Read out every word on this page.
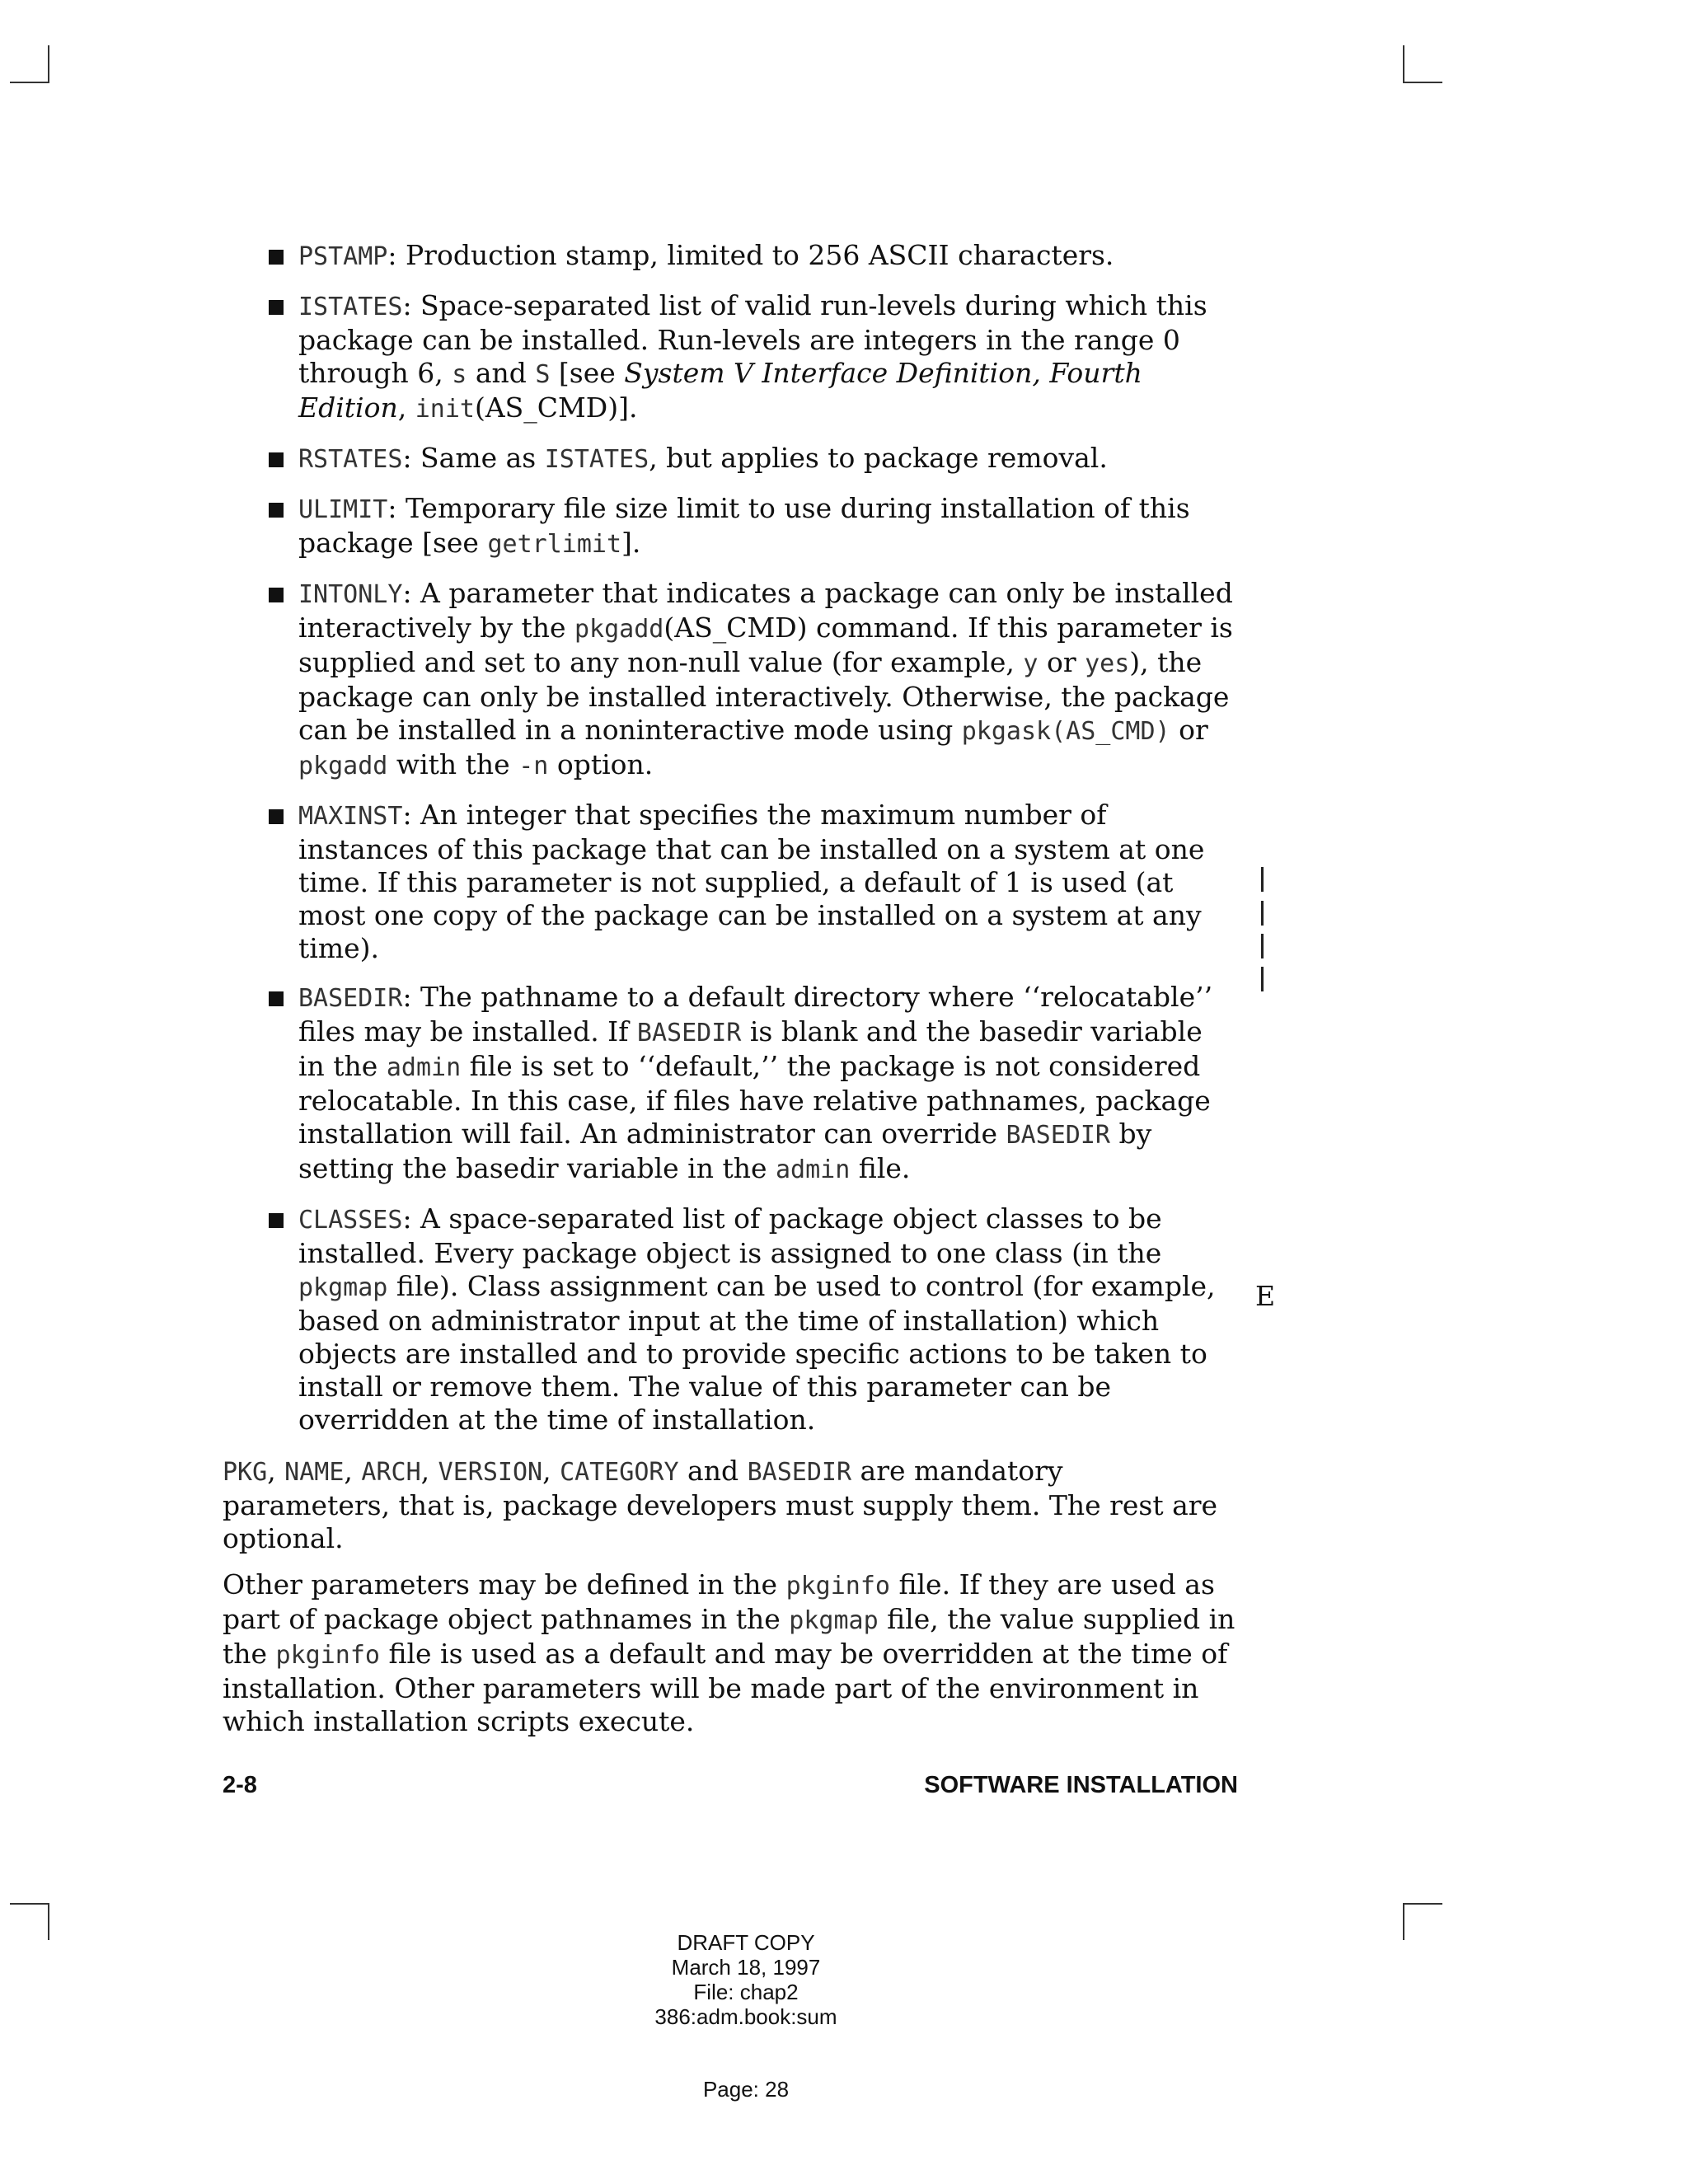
E
PSTAMP: Production stamp, limited to 256 ASCII characters.
ISTATES: Space-separated list of valid run-levels during which this package can be installed. Run-levels are integers in the range 0 through 6, s and S [see System V Interface Definition, Fourth Edition, init(AS_CMD)].
RSTATES: Same as ISTATES, but applies to package removal.
ULIMIT: Temporary file size limit to use during installation of this package [see getrlimit].
INTONLY: A parameter that indicates a package can only be installed interactively by the pkgadd(AS_CMD) command. If this parameter is supplied and set to any non-null value (for example, y or yes), the package can only be installed interactively. Otherwise, the package can be installed in a noninteractive mode using pkgask(AS_CMD) or pkgadd with the -n option.
MAXINST: An integer that specifies the maximum number of instances of this package that can be installed on a system at one time. If this parameter is not supplied, a default of 1 is used (at most one copy of the package can be installed on a system at any time).
BASEDIR: The pathname to a default directory where ‘‘relocatable’’ files may be installed. If BASEDIR is blank and the basedir variable in the admin file is set to ‘‘default,’’ the package is not considered relocatable. In this case, if files have relative pathnames, package installation will fail. An administrator can override BASEDIR by setting the basedir variable in the admin file.
CLASSES: A space-separated list of package object classes to be installed. Every package object is assigned to one class (in the pkgmap file). Class assignment can be used to control (for example, based on administrator input at the time of installation) which objects are installed and to provide specific actions to be taken to install or remove them. The value of this parameter can be overridden at the time of installation.

PKG, NAME, ARCH, VERSION, CATEGORY and BASEDIR are mandatory parameters, that is, package developers must supply them. The rest are optional.

Other parameters may be defined in the pkginfo file. If they are used as part of package object pathnames in the pkgmap file, the value supplied in the pkginfo file is used as a default and may be overridden at the time of installation. Other parameters will be made part of the environment in which installation scripts execute.

2-8	SOFTWARE INSTALLATION
DRAFT COPY
March 18, 1997
File: chap2
386:adm.book:sum
Page: 28
